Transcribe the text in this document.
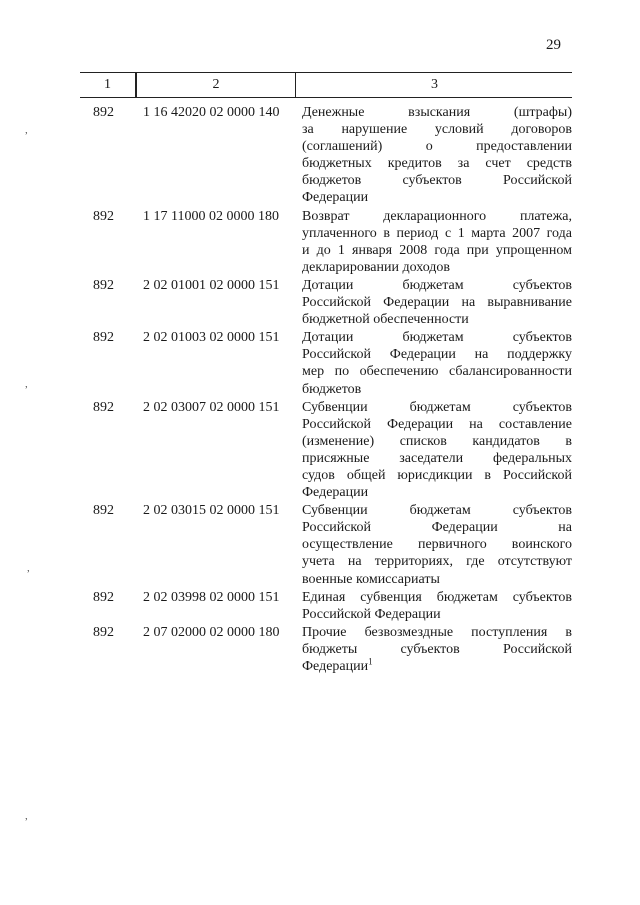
29
1	2	3
892	1 16 42020 02 0000 140	Денежные взыскания (штрафы)
за нарушение условий договоров
(соглашений) о предоставлении
бюджетных кредитов за счет средств
бюджетов субъектов Российской
Федерации
892	1 17 11000 02 0000 180	Возврат декларационного платежа,
уплаченного в период с 1 марта 2007 года
и до 1 января 2008 года при упрощенном
декларировании доходов
892	2 02 01001 02 0000 151	Дотации бюджетам субъектов
Российской Федерации на выравнивание
бюджетной обеспеченности
892	2 02 01003 02 0000 151	Дотации бюджетам субъектов
Российской Федерации на поддержку
мер по обеспечению сбалансированности
бюджетов
892	2 02 03007 02 0000 151	Субвенции бюджетам субъектов
Российской Федерации на составление
(изменение) списков кандидатов в
присяжные заседатели федеральных
судов общей юрисдикции в Российской
Федерации
892	2 02 03015 02 0000 151	Субвенции бюджетам субъектов
Российской Федерации на
осуществление первичного воинского
учета на территориях, где отсутствуют
военные комиссариаты
892	2 02 03998 02 0000 151	Единая субвенция бюджетам субъектов
Российской Федерации
892	2 07 02000 02 0000 180	Прочие безвозмездные поступления в
бюджеты субъектов Российской
Федерации$^1$
,
,
,
,
